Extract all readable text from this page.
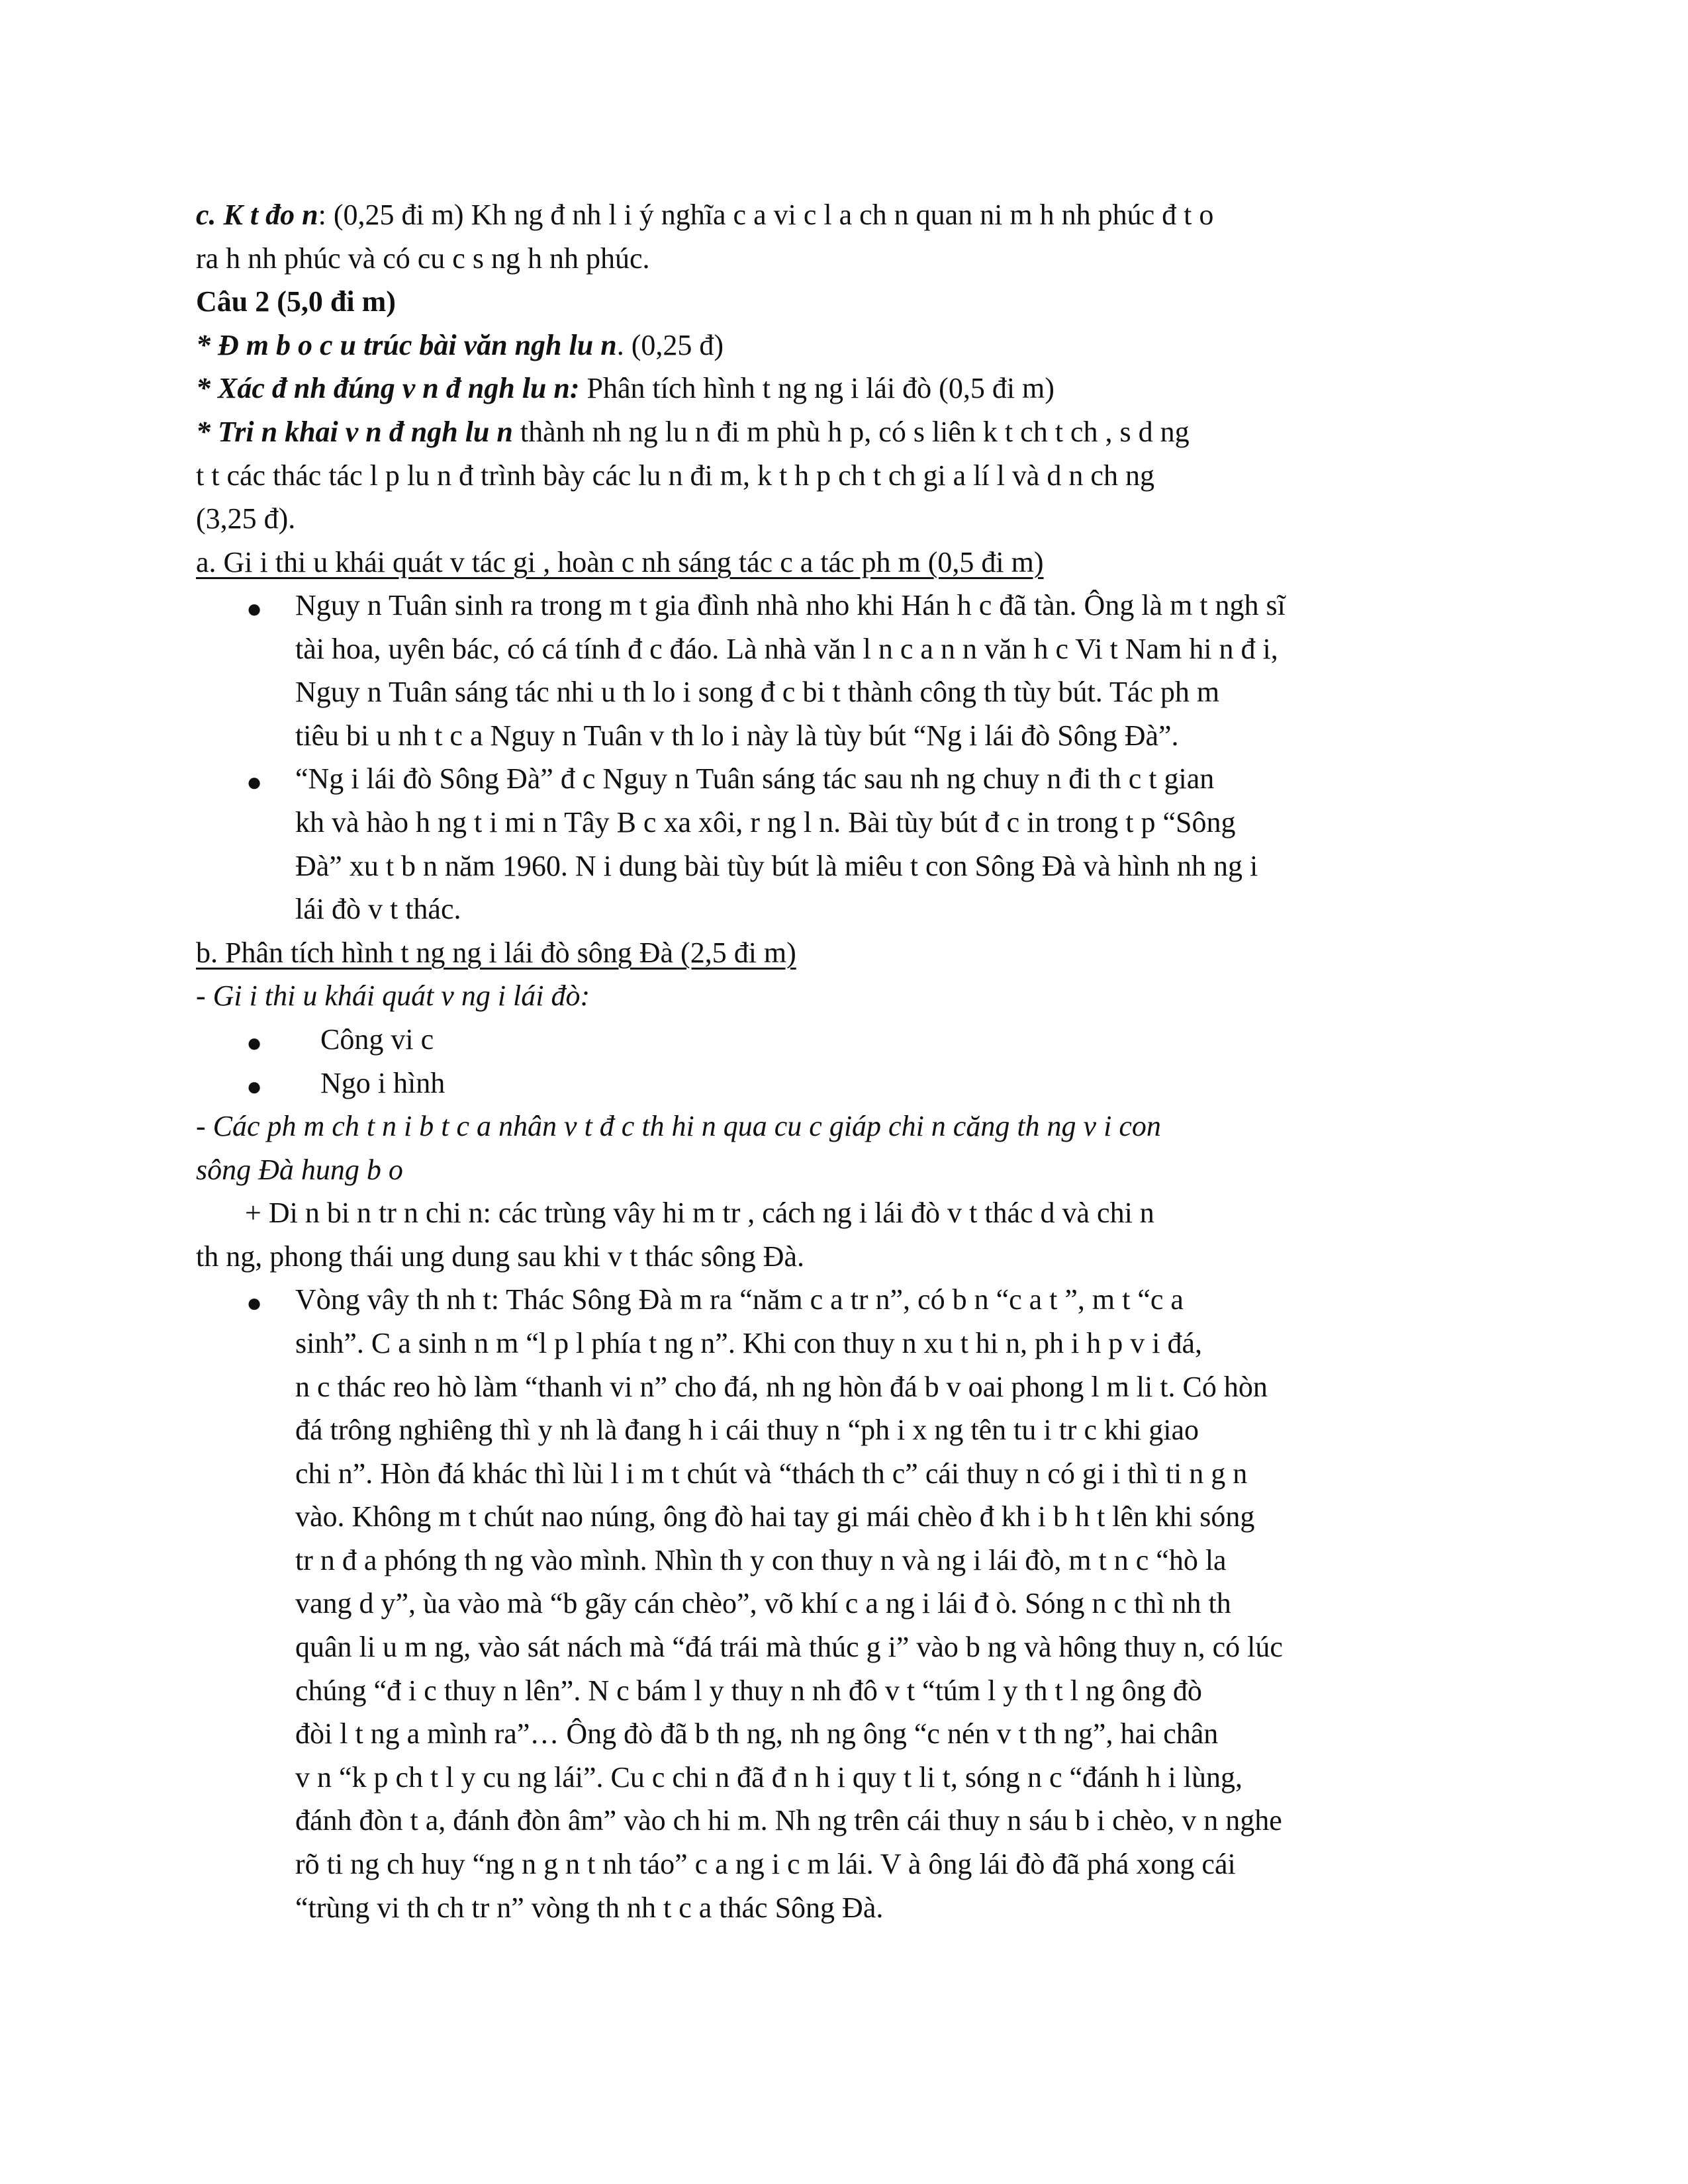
c. K t đo n: (0,25 đi m) Kh ng đ nh l i ý nghĩa c a vi c l a ch n quan ni m h nh phúc đ t o
ra h nh phúc và có cu c s ng h nh phúc.
Câu 2 (5,0 đi m)
* Đ m b o c u trúc bài văn ngh lu n. (0,25 đ)
* Xác đ nh đúng v n đ ngh lu n: Phân tích hình t ng ng i lái đò (0,5 đi m)
* Tri n khai v n đ ngh lu n thành nh ng lu n đi m phù h p, có s liên k t ch t ch , s d ng
t t các thác tác l p lu n đ trình bày các lu n đi m, k t h p ch t ch gi a lí l và d n ch ng
(3,25 đ).
a. Gi i thi u khái quát v tác gi , hoàn c nh sáng tác c a tác ph m (0,5 đi m)
● Nguy n Tuân sinh ra trong m t gia đình nhà nho khi Hán h c đã tàn. Ông là m t ngh sĩ
tài hoa, uyên bác, có cá tính đ c đáo. Là nhà văn l n c a n n văn h c Vi t Nam hi n đ i,
Nguy n Tuân sáng tác nhi u th lo i song đ c bi t thành công th tùy bút. Tác ph m
tiêu bi u nh t c a Nguy n Tuân v th lo i này là tùy bút “Ng i lái đò Sông Đà”.
● “Ng i lái đò Sông Đà” đ c Nguy n Tuân sáng tác sau nh ng chuy n đi th c t gian
kh và hào h ng t i mi n Tây B c xa xôi, r ng l n. Bài tùy bút đ c in trong t p “Sông
Đà” xu t b n năm 1960. N i dung bài tùy bút là miêu t con Sông Đà và hình nh ng i
lái đò v t thác.
b. Phân tích hình t ng ng i lái đò sông Đà (2,5 đi m)
- Gi i thi u khái quát v ng i lái đò:
● Công vi c
● Ngo i hình
- Các ph m ch t n i b t c a nhân v t đ c th hi n qua cu c giáp chi n căng th ng v i con
sông Đà hung b o
+ Di n bi n tr n chi n: các trùng vây hi m tr , cách ng i lái đò v t thác d và chi n
th ng, phong thái ung dung sau khi v t thác sông Đà.
● Vòng vây th nh t: Thác Sông Đà m ra “năm c a tr n”, có b n “c a t ”, m t “c a
sinh”. C a sinh n m “l p l phía t ng n”. Khi con thuy n xu t hi n, ph i h p v i đá,
n c thác reo hò làm “thanh vi n” cho đá, nh ng hòn đá b v oai phong l m li t. Có hòn
đá trông nghiêng thì y nh là đang h i cái thuy n “ph i x ng tên tu i tr c khi giao
chi n”. Hòn đá khác thì lùi l i m t chút và “thách th c” cái thuy n có gi i thì ti n g n
vào. Không m t chút nao núng, ông đò hai tay gi mái chèo đ kh i b h t lên khi sóng
tr n đ a phóng th ng vào mình. Nhìn th y con thuy n và ng i lái đò, m t n c “hò la
vang d y”, ùa vào mà “b gãy cán chèo”, võ khí c a ng i lái đ ò. Sóng n c thì nh th
quân li u m ng, vào sát nách mà “đá trái mà thúc g i” vào b ng và hông thuy n, có lúc
chúng “đ i c thuy n lên”. N c bám l y thuy n nh đô v t “túm l y th t l ng ông đò
đòi l t ng a mình ra”… Ông đò đã b th ng, nh ng ông “c nén v t th ng”, hai chân
v n “k p ch t l y cu ng lái”. Cu c chi n đã đ n h i quy t li t, sóng n c “đánh h i lùng,
đánh đòn t a, đánh đòn âm” vào ch hi m. Nh ng trên cái thuy n sáu b i chèo, v n nghe
rõ ti ng ch huy “ng n g n t nh táo” c a ng i c m lái. V à ông lái đò đã phá xong cái
“trùng vi th ch tr n” vòng th nh t c a thác Sông Đà.
